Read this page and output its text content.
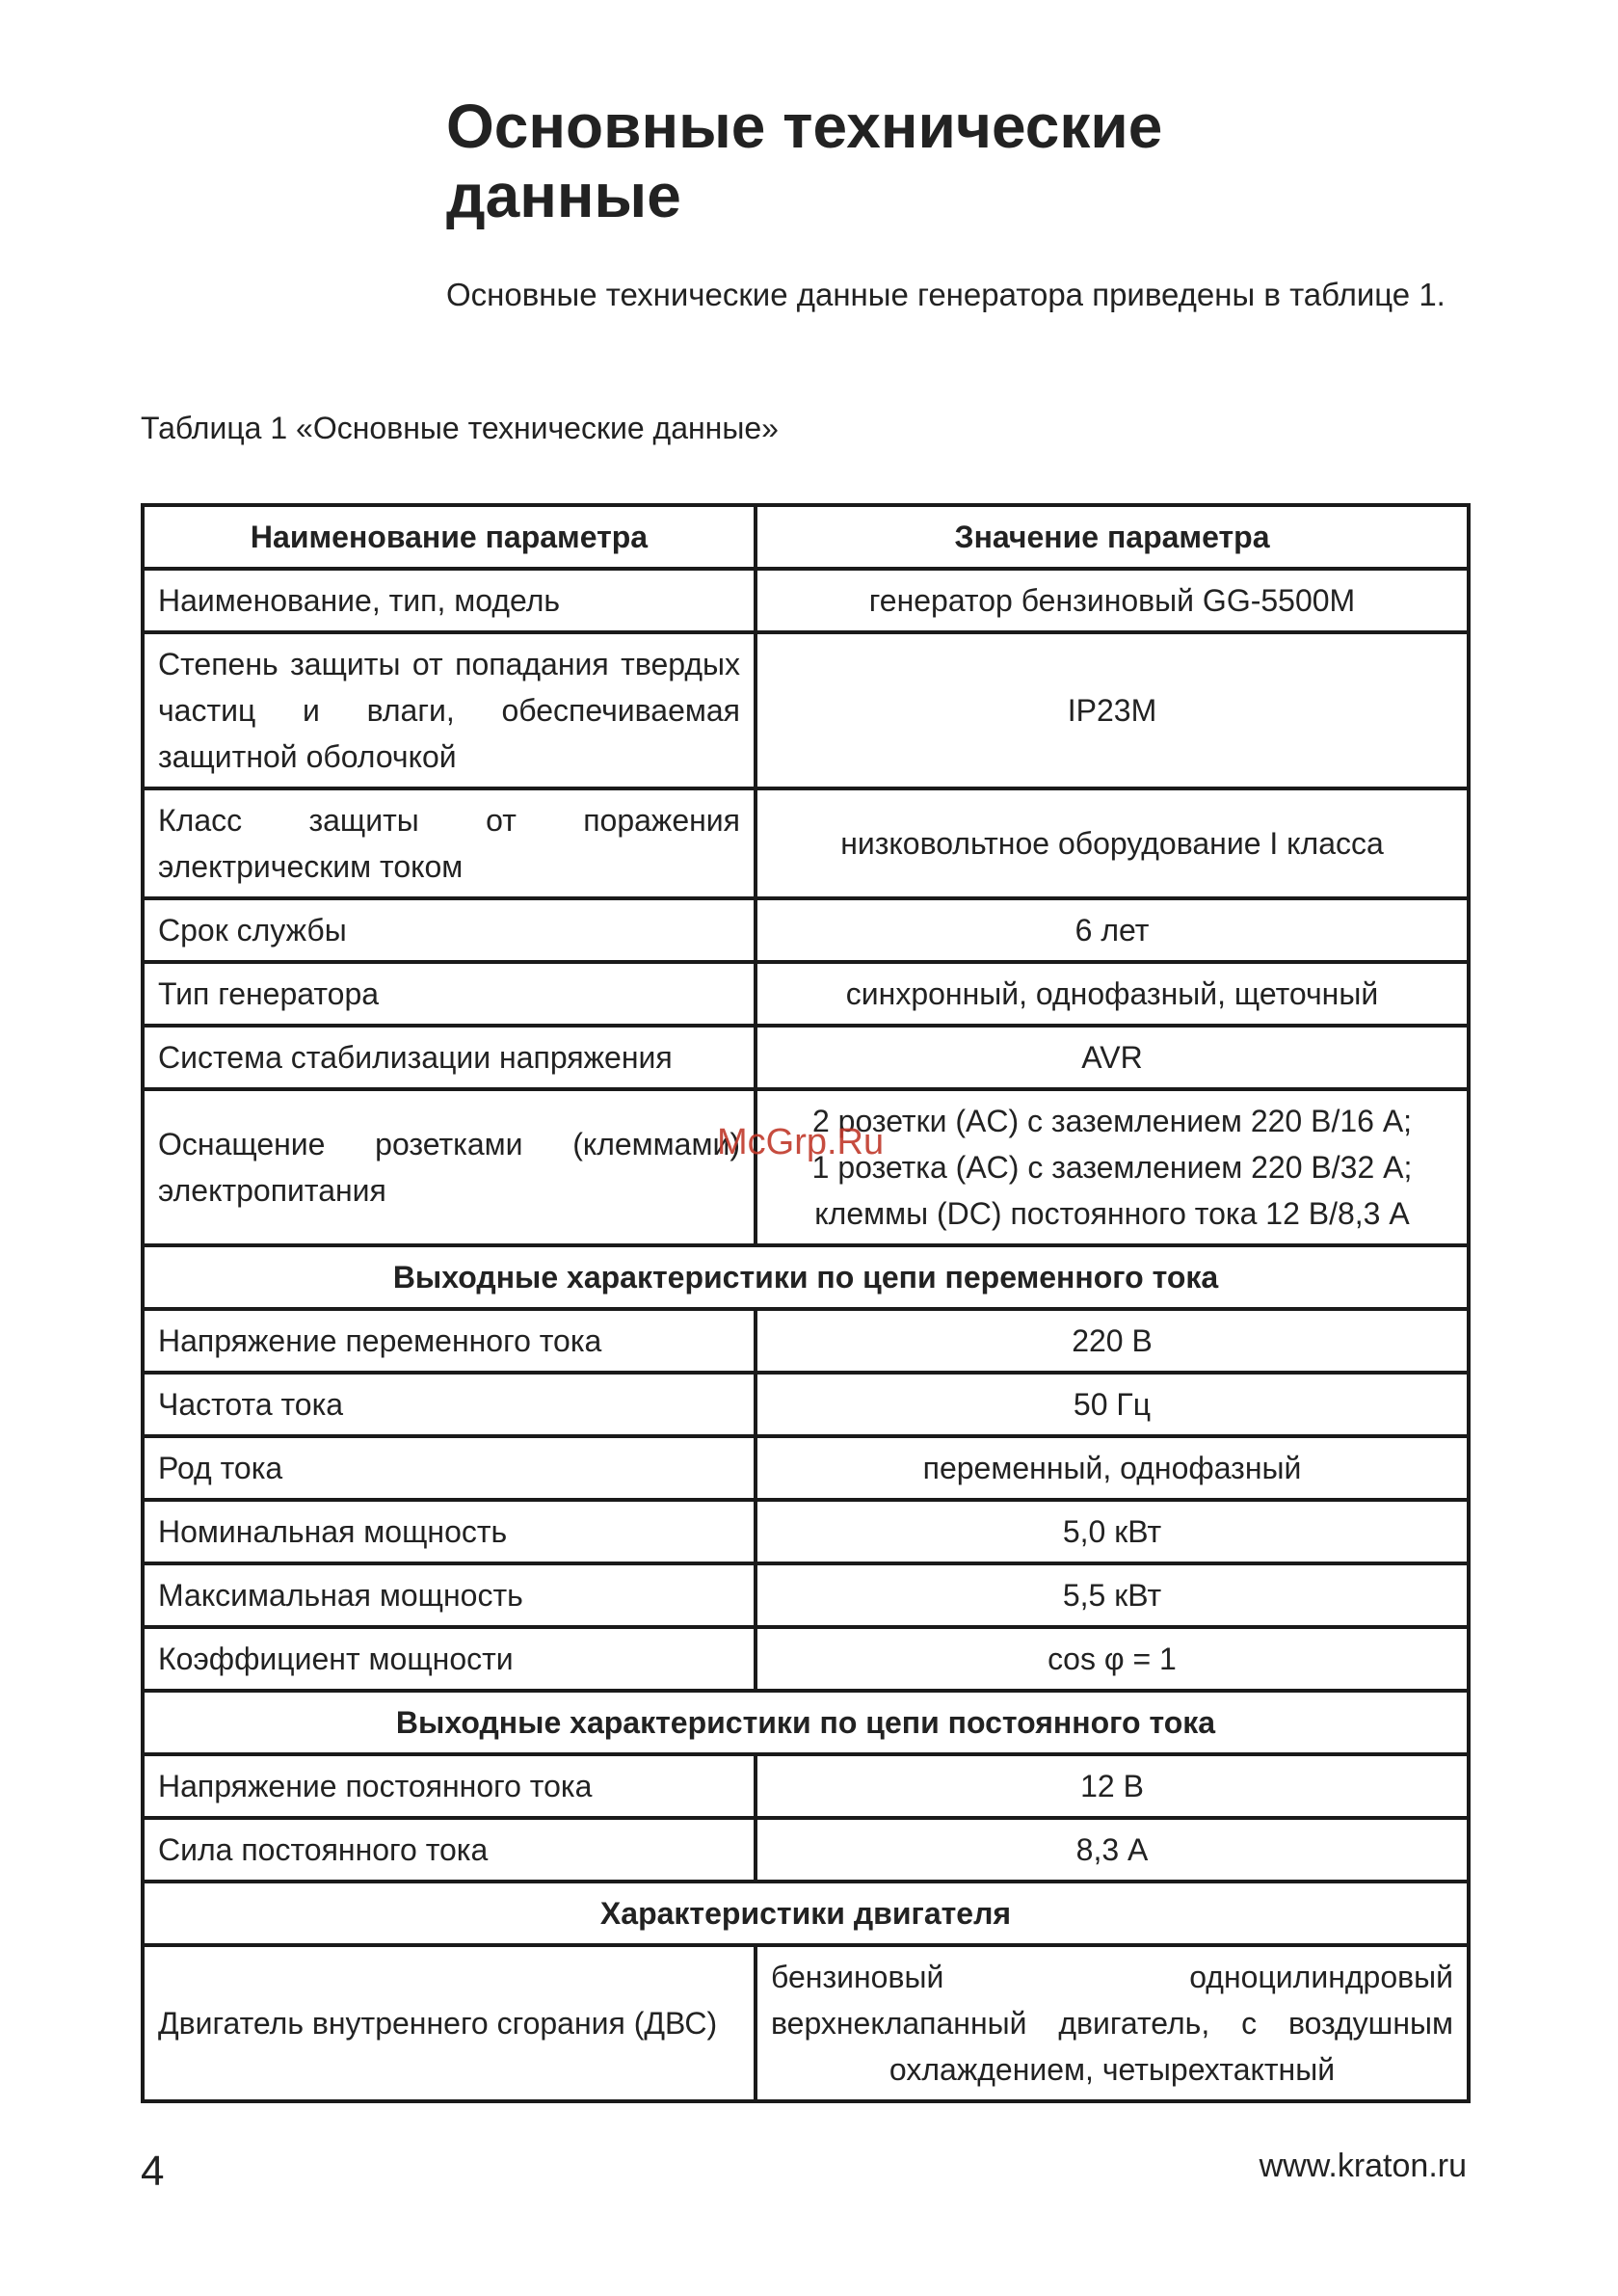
Основные технические
данные

Основные технические данные генератора приведены в таблице 1.

Таблица 1 «Основные технические данные»

Наименование параметра	Значение параметра
Наименование, тип, модель	генератор бензиновый GG-5500M
Степень защиты от попадания твердых частиц и влаги, обеспечиваемая защитной оболочкой	IP23M
Класс защиты от поражения электрическим током	низковольтное оборудование I класса
Срок службы	6 лет
Тип генератора	синхронный, однофазный, щеточный
Система стабилизации напряжения	AVR
Оснащение розетками (клеммами) электропитания	2 розетки (AC) с заземлением 220 В/16 А;
1 розетка (AC) с заземлением 220 В/32 А;
клеммы (DC) постоянного тока 12 В/8,3 А
Выходные характеристики по цепи переменного тока	
Напряжение переменного тока	220 В
Частота тока	50 Гц
Род тока	переменный, однофазный
Номинальная мощность	5,0 кВт
Максимальная мощность	5,5 кВт
Коэффициент мощности	cos φ = 1
Выходные характеристики по цепи постоянного тока	
Напряжение постоянного тока	12 В
Сила постоянного тока	8,3 А
Характеристики двигателя	
Двигатель внутреннего сгорания (ДВС)	бензиновый одноцилиндровый верхнеклапанный двигатель, с воздушным охлаждением, четырехтактный
McGrp.Ru
4	www.kraton.ru
